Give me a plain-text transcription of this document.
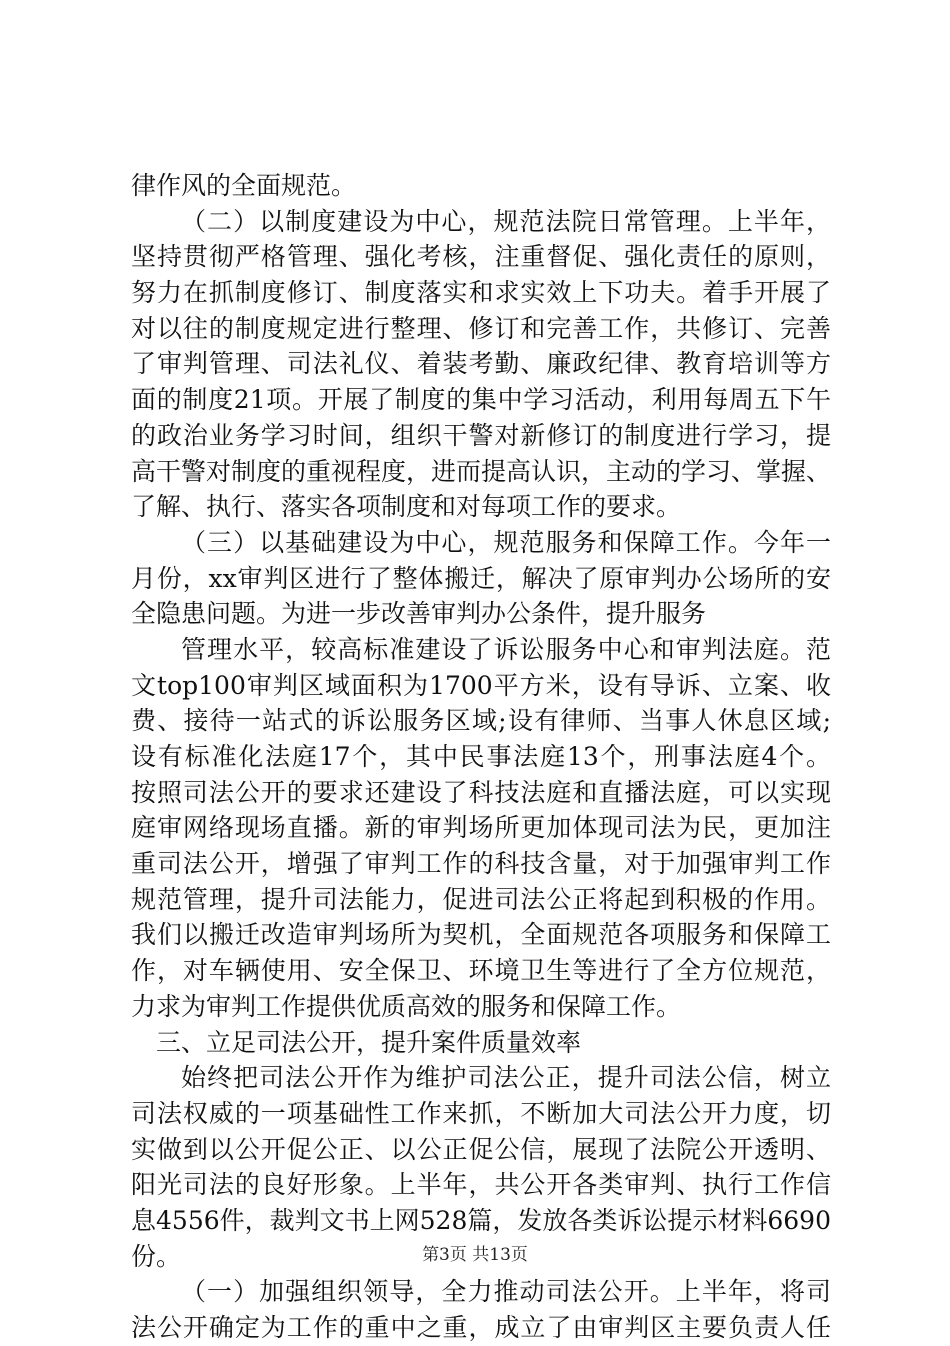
律作风的全面规范。
（二）以制度建设为中心，规范法院日常管理。上半年，
坚持贯彻严格管理、强化考核，注重督促、强化责任的原则，
努力在抓制度修订、制度落实和求实效上下功夫。着手开展了
对以往的制度规定进行整理、修订和完善工作，共修订、完善
了审判管理、司法礼仪、着装考勤、廉政纪律、教育培训等方
面的制度21项。开展了制度的集中学习活动，利用每周五下午
的政治业务学习时间，组织干警对新修订的制度进行学习，提
高干警对制度的重视程度，进而提高认识，主动的学习、掌握、
了解、执行、落实各项制度和对每项工作的要求。
（三）以基础建设为中心，规范服务和保障工作。今年一
月份，xx审判区进行了整体搬迁，解决了原审判办公场所的安
全隐患问题。为进一步改善审判办公条件，提升服务
管理水平，较高标准建设了诉讼服务中心和审判法庭。范
文top100审判区域面积为1700平方米，设有导诉、立案、收
费、接待一站式的诉讼服务区域;设有律师、当事人休息区域;
设有标准化法庭17个，其中民事法庭13个，刑事法庭4个。
按照司法公开的要求还建设了科技法庭和直播法庭，可以实现
庭审网络现场直播。新的审判场所更加体现司法为民，更加注
重司法公开，增强了审判工作的科技含量，对于加强审判工作
规范管理，提升司法能力，促进司法公正将起到积极的作用。
我们以搬迁改造审判场所为契机，全面规范各项服务和保障工
作，对车辆使用、安全保卫、环境卫生等进行了全方位规范，
力求为审判工作提供优质高效的服务和保障工作。
三、立足司法公开，提升案件质量效率
始终把司法公开作为维护司法公正，提升司法公信，树立
司法权威的一项基础性工作来抓，不断加大司法公开力度，切
实做到以公开促公正、以公正促公信，展现了法院公开透明、
阳光司法的良好形象。上半年，共公开各类审判、执行工作信
息4556件，裁判文书上网528篇，发放各类诉讼提示材料6690
份。
（一）加强组织领导，全力推动司法公开。上半年，将司
法公开确定为工作的重中之重，成立了由审判区主要负责人任
第3页 共13页
